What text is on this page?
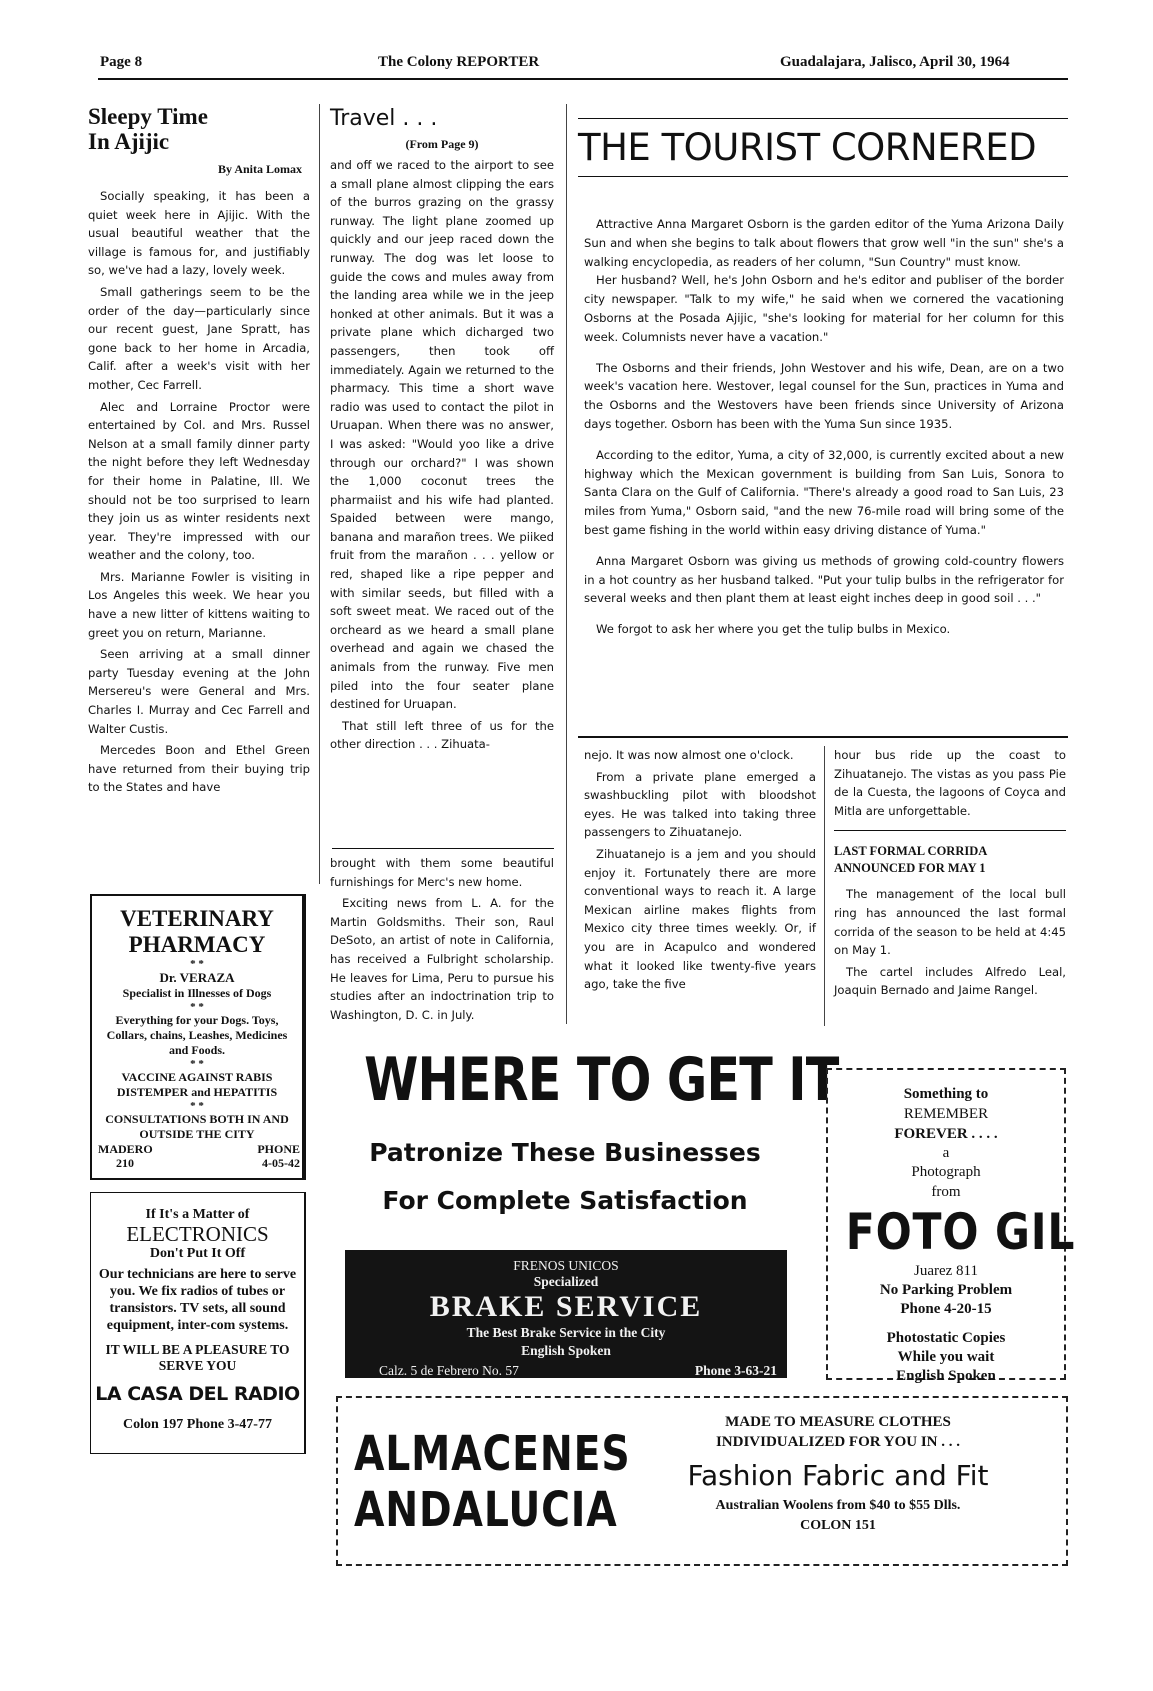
Page 8	The Colony REPORTER	Guadalajara, Jalisco, April 30, 1964
Sleepy Time
In Ajijic
By Anita Lomax

Socially speaking, it has been a quiet week here in Ajijic. With the usual beautiful weather that the village is famous for, and justifiably so, we've had a lazy, lovely week.

Small gatherings seem to be the order of the day—particularly since our recent guest, Jane Spratt, has gone back to her home in Arcadia, Calif. after a week's visit with her mother, Cec Farrell.

Alec and Lorraine Proctor were entertained by Col. and Mrs. Russel Nelson at a small family dinner party the night before they left Wednesday for their home in Palatine, Ill. We should not be too surprised to learn they join us as winter residents next year. They're impressed with our weather and the colony, too.

Mrs. Marianne Fowler is visiting in Los Angeles this week. We hear you have a new litter of kittens waiting to greet you on return, Marianne.

Seen arriving at a small dinner party Tuesday evening at the John Mersereu's were General and Mrs. Charles I. Murray and Cec Farrell and Walter Custis.

Mercedes Boon and Ethel Green have returned from their buying trip to the States and have

Travel . . .
(From Page 9)

and off we raced to the airport to see a small plane almost clipping the ears of the burros grazing on the grassy runway. The light plane zoomed up quickly and our jeep raced down the runway. The dog was let loose to guide the cows and mules away from the landing area while we in the jeep honked at other animals. But it was a private plane which dicharged two passengers, then took off immediately. Again we returned to the pharmacy. This time a short wave radio was used to contact the pilot in Uruapan. When there was no answer, I was asked: "Would yoo like a drive through our orchard?" I was shown the 1,000 coconut trees the pharmaiist and his wife had planted. Spaided between were mango, banana and marañon trees. We piiked fruit from the marañon . . . yellow or red, shaped like a ripe pepper and with similar seeds, but filled with a soft sweet meat. We raced out of the orcheard as we heard a small plane overhead and again we chased the animals from the runway. Five men piled into the four seater plane destined for Uruapan.

That still left three of us for the other direction . . . Zihuata-

brought with them some beautiful furnishings for Merc's new home.

Exciting news from L. A. for the Martin Goldsmiths. Their son, Raul DeSoto, an artist of note in California, has received a Fulbright scholarship. He leaves for Lima, Peru to pursue his studies after an indoctrination trip to Washington, D. C. in July.

THE TOURIST CORNERED

Attractive Anna Margaret Osborn is the garden editor of the Yuma Arizona Daily Sun and when she begins to talk about flowers that grow well "in the sun" she's a walking encyclopedia, as readers of her column, "Sun Country" must know.

Her husband? Well, he's John Osborn and he's editor and publiser of the border city newspaper. "Talk to my wife," he said when we cornered the vacationing Osborns at the Posada Ajijic, "she's looking for material for her column for this week. Columnists never have a vacation."

The Osborns and their friends, John Westover and his wife, Dean, are on a two week's vacation here. Westover, legal counsel for the Sun, practices in Yuma and the Osborns and the Westovers have been friends since University of Arizona days together. Osborn has been with the Yuma Sun since 1935.

According to the editor, Yuma, a city of 32,000, is currently excited about a new highway which the Mexican government is building from San Luis, Sonora to Santa Clara on the Gulf of California. "There's already a good road to San Luis, 23 miles from Yuma," Osborn said, "and the new 76-mile road will bring some of the best game fishing in the world within easy driving distance of Yuma."

Anna Margaret Osborn was giving us methods of growing cold-country flowers in a hot country as her husband talked. "Put your tulip bulbs in the refrigerator for several weeks and then plant them at least eight inches deep in good soil . . ."

We forgot to ask her where you get the tulip bulbs in Mexico.

nejo. It was now almost one o'clock.

From a private plane emerged a swashbuckling pilot with bloodshot eyes. He was talked into taking three passengers to Zihuatanejo.

Zihuatanejo is a jem and you should enjoy it. Fortunately there are more conventional ways to reach it. A large Mexican airline makes flights from Mexico city three times weekly. Or, if you are in Acapulco and wondered what it looked like twenty-five years ago, take the five

hour bus ride up the coast to Zihuatanejo. The vistas as you pass Pie de la Cuesta, the lagoons of Coyca and Mitla are unforgettable.

LAST FORMAL CORRIDA ANNOUNCED FOR MAY 1

The management of the local bull ring has announced the last formal corrida of the season to be held at 4:45 on May 1.

The cartel includes Alfredo Leal, Joaquin Bernado and Jaime Rangel.

VETERINARY
PHARMACY
* *
Dr. VERAZA
Specialist in Illnesses of Dogs
* *
Everything for your Dogs. Toys, Collars, chains, Leashes, Medicines and Foods.
* *
VACCINE AGAINST RABIS DISTEMPER and HEPATITIS
* *
CONSULTATIONS BOTH IN AND OUTSIDE THE CITY
MADERO
210
PHONE
4-05-42
If It's a Matter of
ELECTRONICS
Don't Put It Off
Our technicians are here to serve you. We fix radios of tubes or transistors. TV sets, all sound equipment, inter-com systems.
IT WILL BE A PLEASURE TO SERVE YOU
LA CASA DEL RADIO
Colon 197 Phone 3-47-77
WHERE TO GET IT
Patronize These Businesses
For Complete Satisfaction
FRENOS UNICOS
Specialized
BRAKE SERVICE
The Best Brake Service in the City
English Spoken
Calz. 5 de Febrero No. 57	Phone 3-63-21
Something to
REMEMBER
FOREVER . . . .
a
Photograph
from
FOTO GIL
Juarez 811
No Parking Problem
Phone 4-20-15
Photostatic Copies
While you wait
English Spoken
ALMACENES
ANDALUCIA
MADE TO MEASURE CLOTHES
INDIVIDUALIZED FOR YOU IN . . .
Fashion Fabric and Fit
Australian Woolens from $40 to $55 Dlls.
COLON 151
